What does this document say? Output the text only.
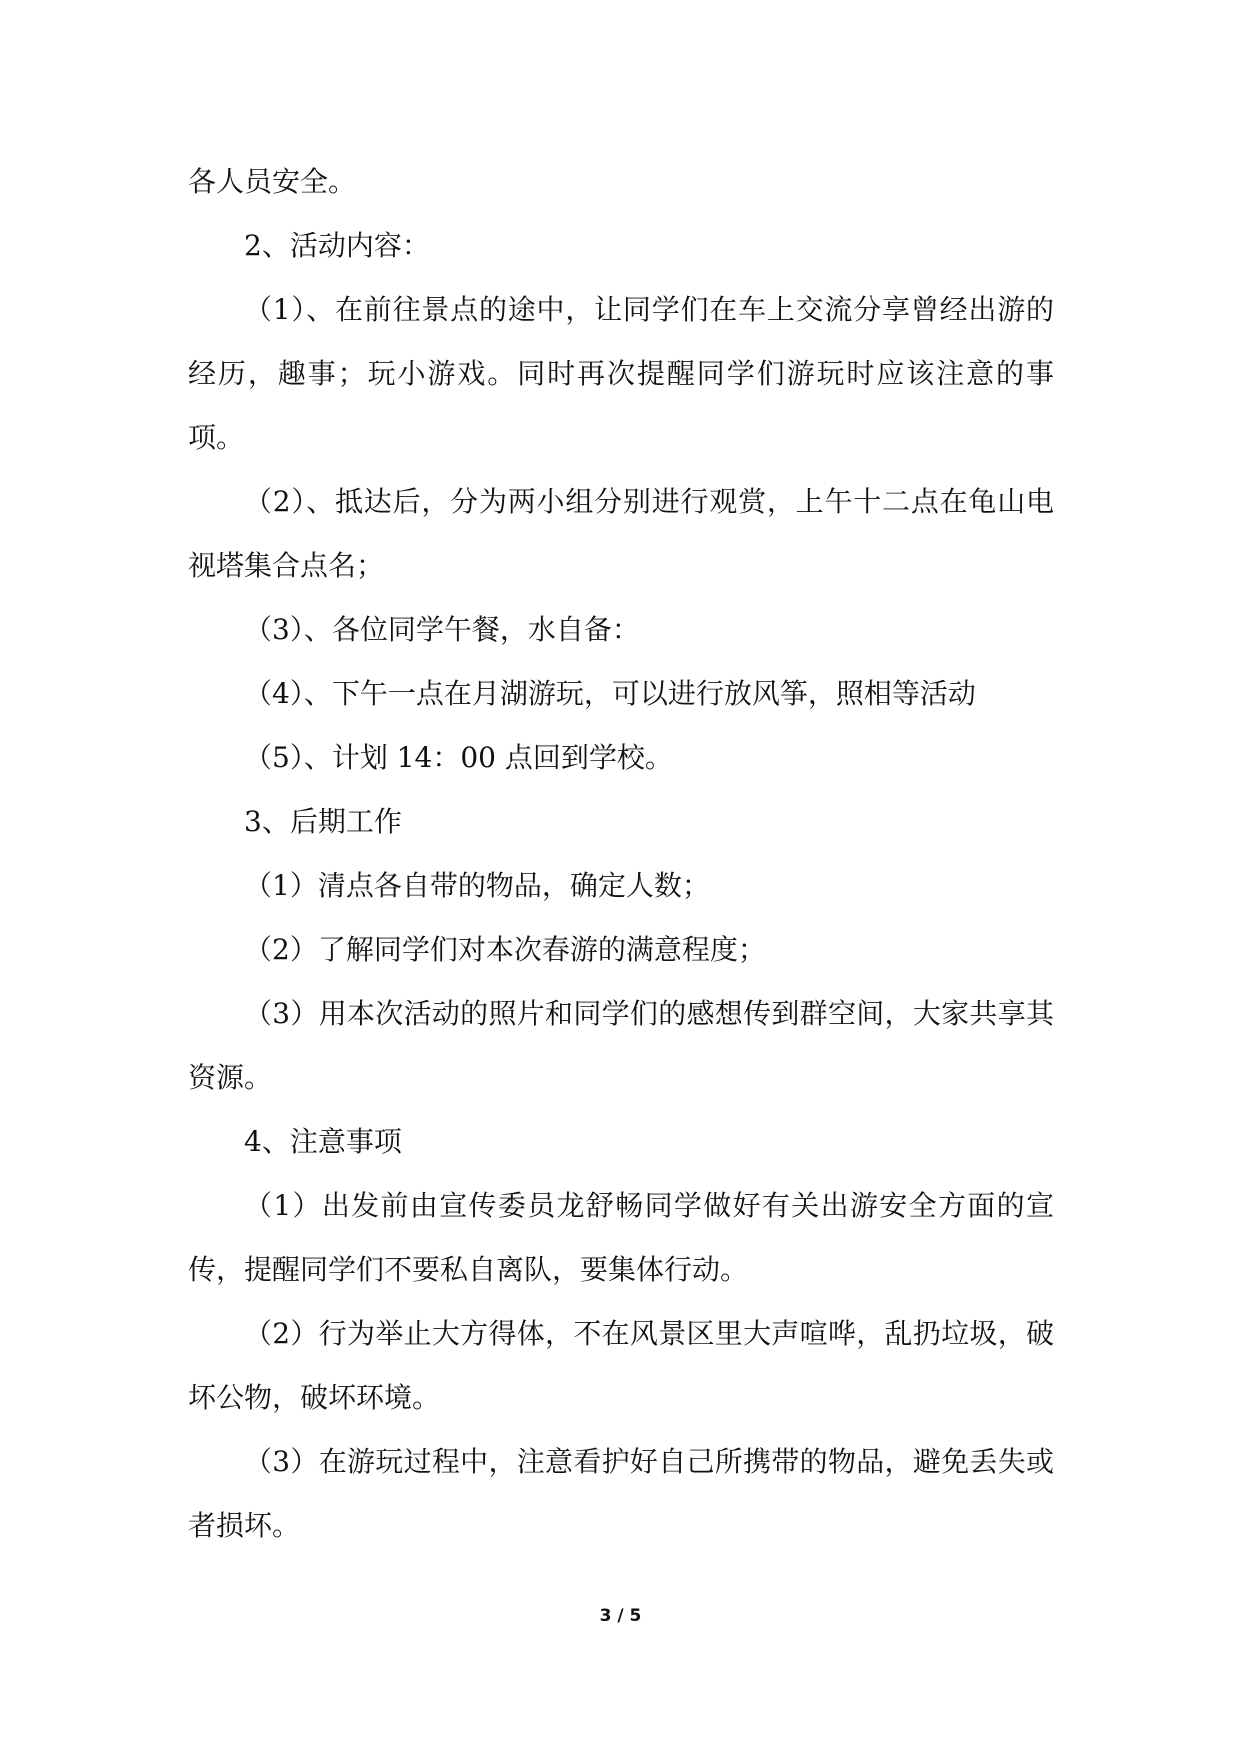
各人员安全。

2、活动内容：

（1）、在前往景点的途中，让同学们在车上交流分享曾经出游的经历，趣事；玩小游戏。同时再次提醒同学们游玩时应该注意的事项。

（2）、抵达后，分为两小组分别进行观赏，上午十二点在龟山电视塔集合点名；

（3）、各位同学午餐，水自备：

（4）、下午一点在月湖游玩，可以进行放风筝，照相等活动

（5）、计划 14：00 点回到学校。

3、后期工作

（1）清点各自带的物品，确定人数；

（2）了解同学们对本次春游的满意程度；

（3）用本次活动的照片和同学们的感想传到群空间，大家共享其资源。

4、注意事项

（1）出发前由宣传委员龙舒畅同学做好有关出游安全方面的宣传，提醒同学们不要私自离队，要集体行动。

（2）行为举止大方得体，不在风景区里大声喧哗，乱扔垃圾，破坏公物，破坏环境。

（3）在游玩过程中，注意看护好自己所携带的物品，避免丢失或者损坏。

3 / 5
